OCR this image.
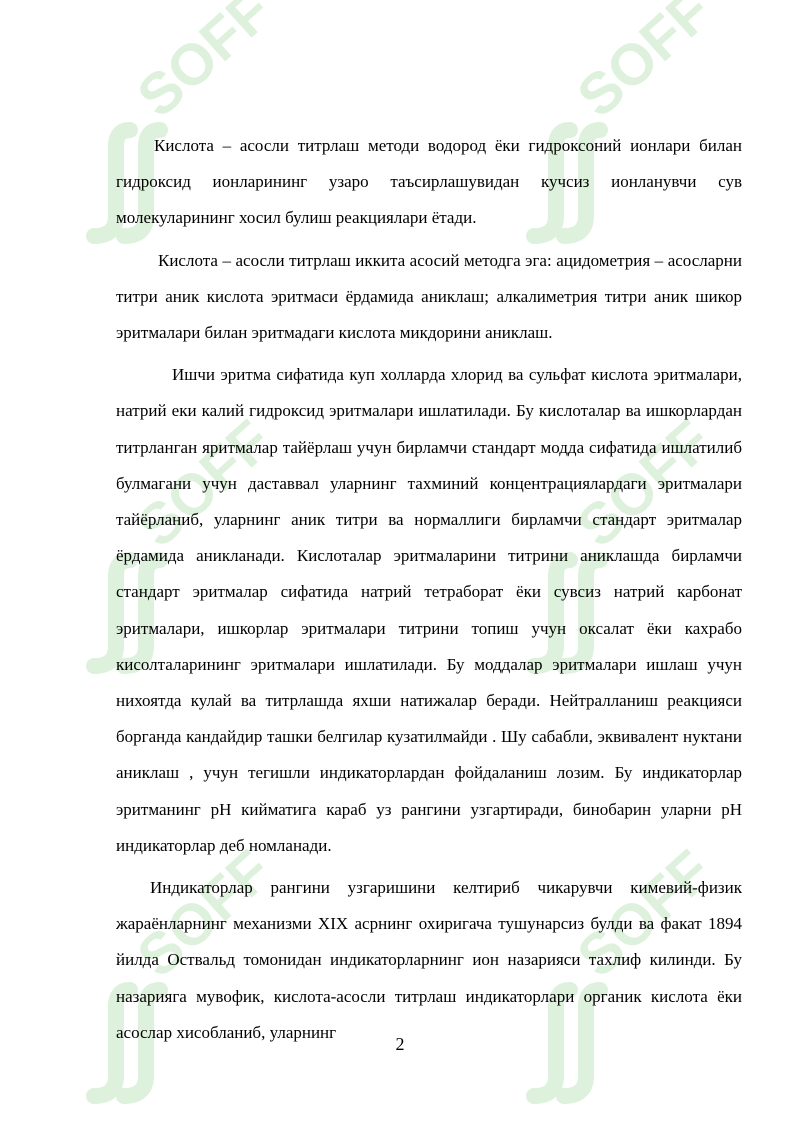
Кислота – асосли титрлаш методи водород ёки гидроксоний ионлари билан гидроксид ионларининг узаро таъсирлашувидан кучсиз ионланувчи сув молекуларининг хосил булиш реакциялари ётади.

Кислота – асосли титрлаш иккита асосий методга эга: ацидометрия – асосларни титри аник кислота эритмаси ёрдамида аниклаш; алкалиметрия титри аник шикор эритмалари билан эритмадаги кислота микдорини аниклаш.

Ишчи эритма сифатида куп холларда хлорид ва сульфат кислота эритмалари, натрий еки калий гидроксид эритмалари ишлатилади. Бу кислоталар ва ишкорлардан титрланган яритмалар тайёрлаш учун бирламчи стандарт модда сифатида ишлатилиб булмагани учун даставвал уларнинг тахминий концентрациялардаги эритмалари тайёрланиб, уларнинг аник титри ва нормаллиги бирламчи стандарт эритмалар ёрдамида аникланади. Кислоталар эритмаларини титрини аниклашда бирламчи стандарт эритмалар сифатида натрий тетраборат ёки сувсиз натрий карбонат эритмалари, ишкорлар эритмалари титрини топиш учун оксалат ёки кахрабо кисолталарининг эритмалари ишлатилади. Бу моддалар эритмалари ишлаш учун нихоятда кулай ва титрлашда яхши натижалар беради. Нейтралланиш реакцияси борганда кандайдир ташки белгилар кузатилмайди . Шу сабабли, эквивалент нуктани аниклаш , учун тегишли индикаторлардан фойдаланиш лозим. Бу индикаторлар эритманинг pH кийматига караб уз рангини узгартиради, бинобарин уларни pH индикаторлар деб номланади.

Индикаторлар рангини узгаришини келтириб чикарувчи кимевий-физик жараёнларнинг механизми XIX асрнинг охиригача тушунарсиз булди ва факат 1894 йилда Оствальд томонидан индикаторларнинг ион назарияси тахлиф килинди. Бу назарияга мувофик, кислота-асосли титрлаш индикаторлари органик кислота ёки асослар хисобланиб, уларнинг

2
